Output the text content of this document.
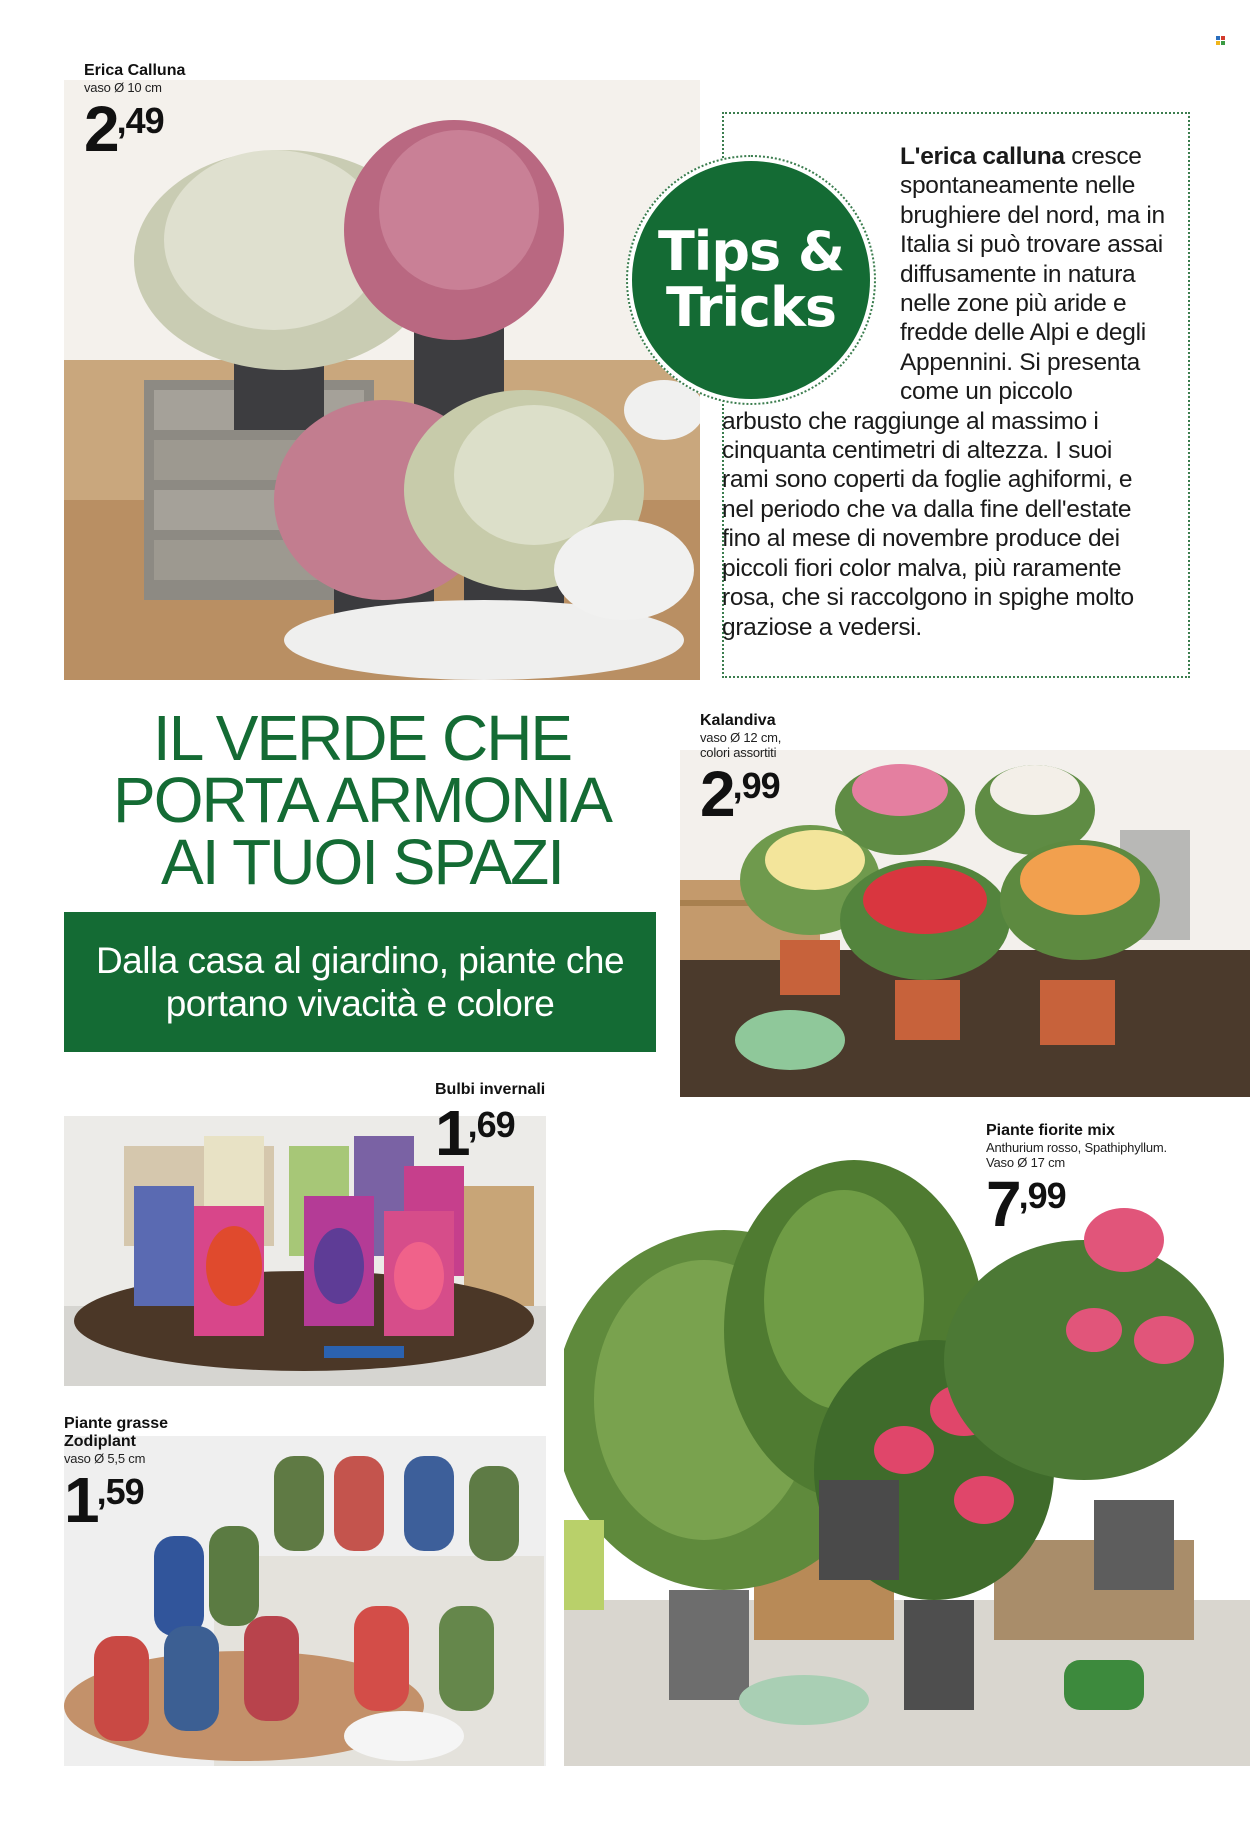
Tips &
Tricks
L'erica calluna cresce
spontaneamente nelle
brughiere del nord, ma in
Italia si può trovare assai
diffusamente in natura
nelle zone più aride e
fredde delle Alpi e degli
Appennini. Si presenta
come un piccolo
arbusto che raggiunge al massimo i
cinquanta centimetri di altezza. I suoi
rami sono coperti da foglie aghiformi, e
nel periodo che va dalla fine dell'estate
fino al mese di novembre produce dei
piccoli fiori color malva, più raramente
rosa, che si raccolgono in spighe molto
graziose a vedersi.
IL VERDE CHE
PORTA ARMONIA
AI TUOI SPAZI
Dalla casa al giardino, piante che
portano vivacità e colore
Erica Calluna
vaso Ø 10 cm
2,49
Kalandiva
vaso Ø 12 cm,
colori assortiti
2,99
Bulbi invernali
1,69	Piante fiorite mix
Anthurium rosso, Spathiphyllum.
Vaso Ø 17 cm
7,99
Piante grasse
Zodiplant
vaso Ø 5,5 cm
1,59
